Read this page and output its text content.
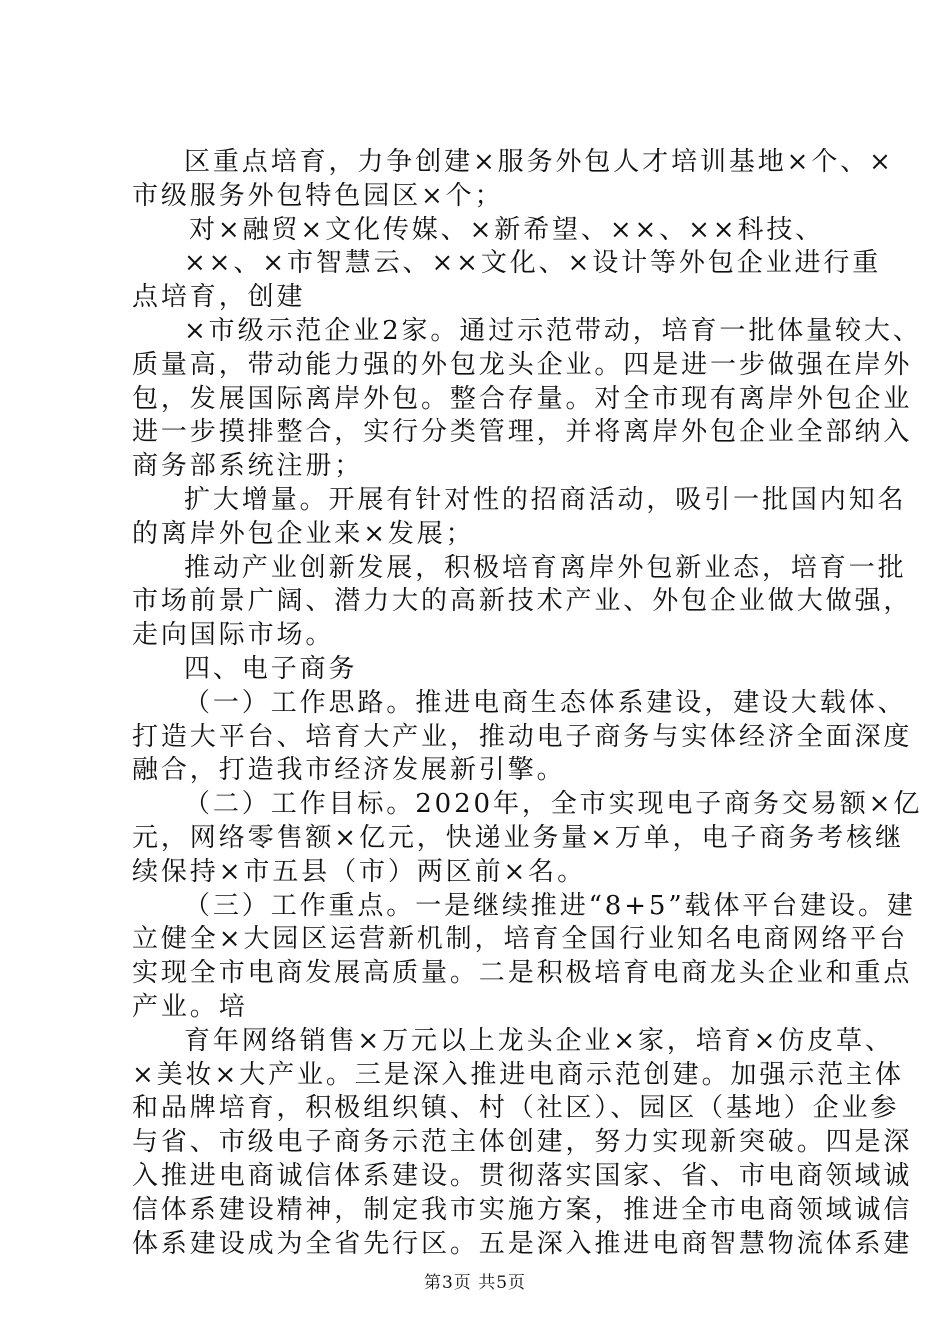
区重点培育，力争创建×服务外包人才培训基地×个、×
市级服务外包特色园区×个；
对×融贸×文化传媒、×新希望、××、××科技、
××、×市智慧云、××文化、×设计等外包企业进行重
点培育，创建
×市级示范企业2家。通过示范带动，培育一批体量较大、
质量高，带动能力强的外包龙头企业。四是进一步做强在岸外
包，发展国际离岸外包。整合存量。对全市现有离岸外包企业
进一步摸排整合，实行分类管理，并将离岸外包企业全部纳入
商务部系统注册；
扩大增量。开展有针对性的招商活动，吸引一批国内知名
的离岸外包企业来×发展；
推动产业创新发展，积极培育离岸外包新业态，培育一批
市场前景广阔、潜力大的高新技术产业、外包企业做大做强，
走向国际市场。
四、电子商务
（一）工作思路。推进电商生态体系建设，建设大载体、
打造大平台、培育大产业，推动电子商务与实体经济全面深度
融合，打造我市经济发展新引擎。
（二）工作目标。2020年，全市实现电子商务交易额×亿
元，网络零售额×亿元，快递业务量×万单，电子商务考核继
续保持×市五县（市）两区前×名。
（三）工作重点。一是继续推进“8+5”载体平台建设。建
立健全×大园区运营新机制，培育全国行业知名电商网络平台
实现全市电商发展高质量。二是积极培育电商龙头企业和重点
产业。培
育年网络销售×万元以上龙头企业×家，培育×仿皮草、
×美妆×大产业。三是深入推进电商示范创建。加强示范主体
和品牌培育，积极组织镇、村（社区）、园区（基地）企业参
与省、市级电子商务示范主体创建，努力实现新突破。四是深
入推进电商诚信体系建设。贯彻落实国家、省、市电商领域诚
信体系建设精神，制定我市实施方案，推进全市电商领域诚信
体系建设成为全省先行区。五是深入推进电商智慧物流体系建
第3页 共5页
